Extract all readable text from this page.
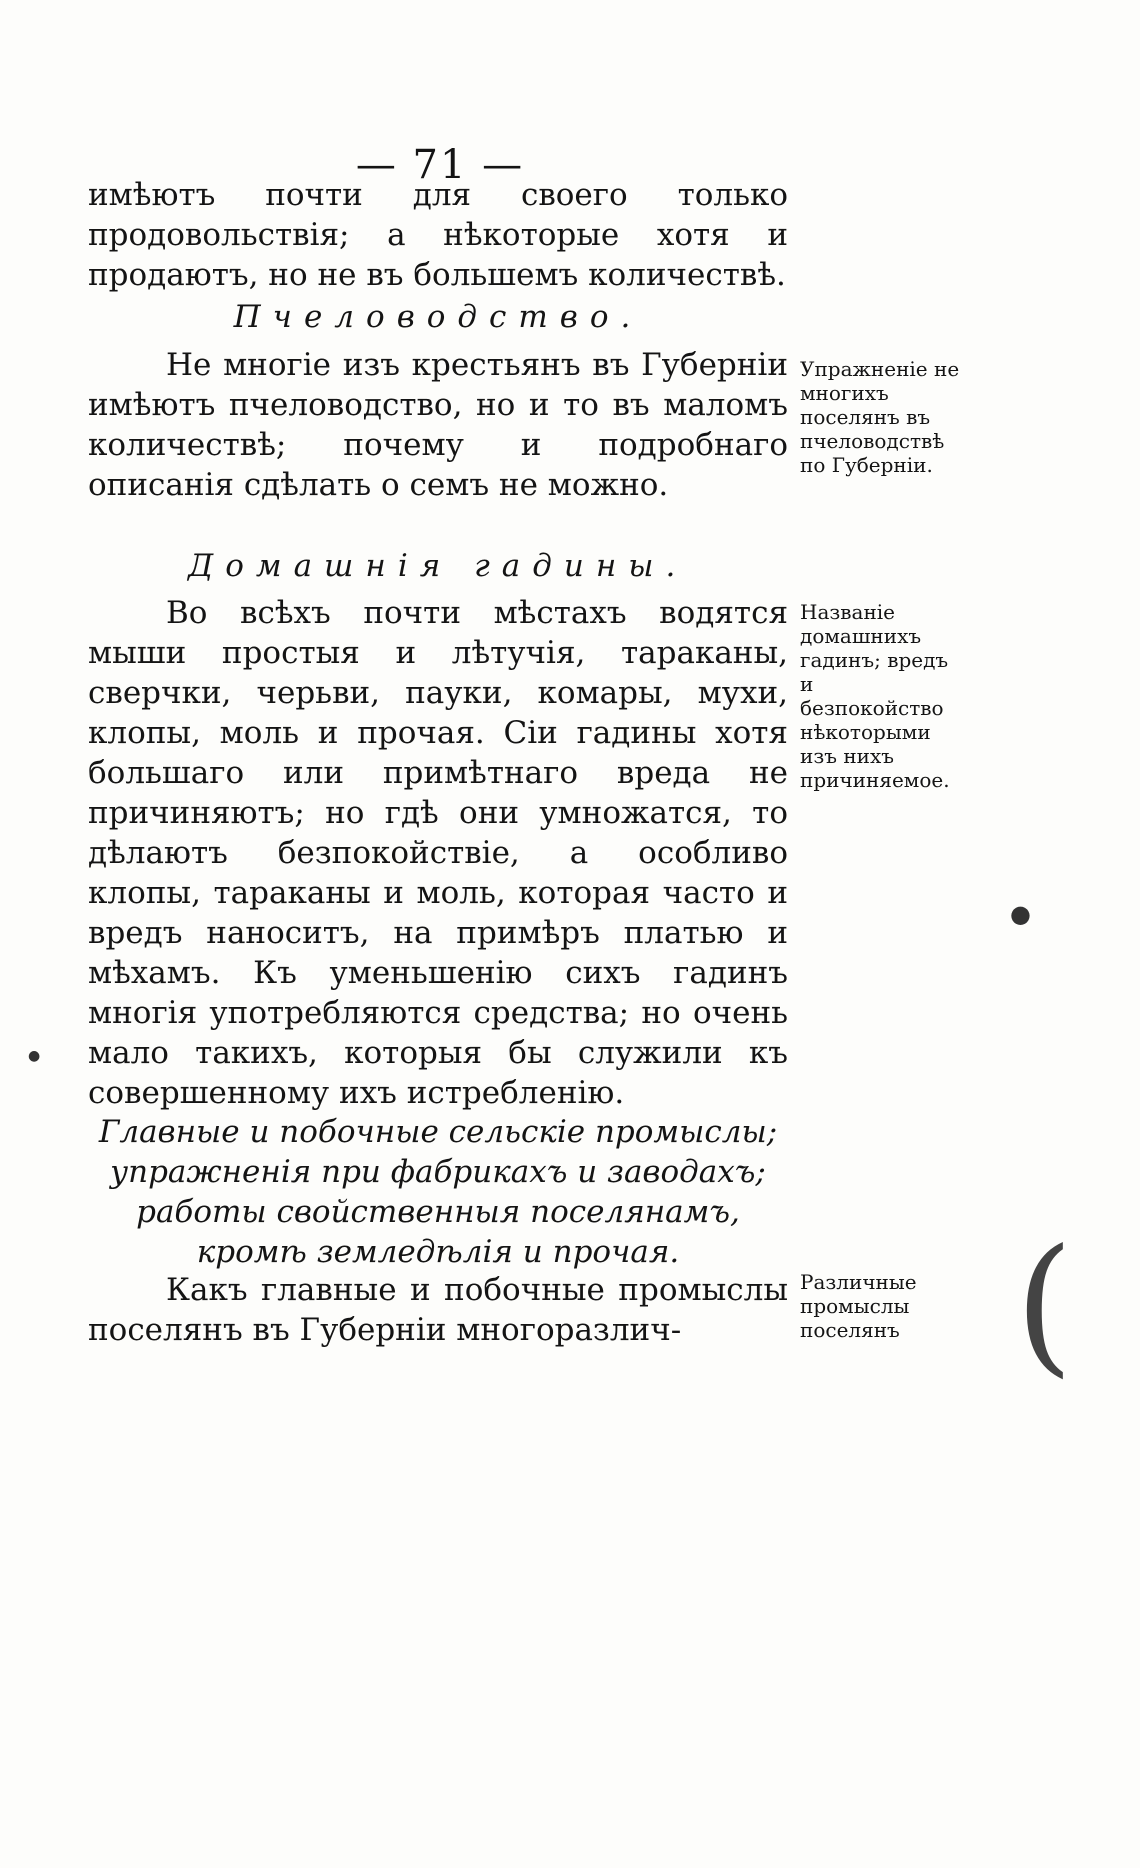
— 71 —

имѣютъ почти для своего только продовольствія; а нѣкоторые хотя и продаютъ, но не въ большемъ количествѣ.

Пчеловодство.

Не многіе изъ крестьянъ въ Губерніи имѣютъ пчеловодство, но и то въ маломъ количествѣ; почему и подробнаго описанія сдѣлать о семъ не можно.

Упражненіе не многихъ поселянъ въ пчеловодствѣ по Губерніи.
Домашнія гадины.

Во всѣхъ почти мѣстахъ водятся мыши простыя и лѣтучія, тараканы, сверчки, черьви, пауки, комары, мухи, клопы, моль и прочая. Сіи гадины хотя большаго или примѣтнаго вреда не причиняютъ; но гдѣ они умножатся, то дѣлаютъ безпокойствіе, а особливо клопы, тараканы и моль, которая часто и вредъ наноситъ, на примѣръ платью и мѣхамъ. Къ уменьшенію сихъ гадинъ многія употребляются средства; но очень мало такихъ, которыя бы служили къ совершенному ихъ истребленію.

Названіе домашнихъ гадинъ; вредъ и безпокойство нѣкоторыми изъ нихъ причиняемое.
Главные и побочные сельскіе промыслы; упражненія при фабрикахъ и заводахъ; работы свойственныя поселянамъ, кромѣ земледѣлія и прочая.

Какъ главные и побочные промыслы поселянъ въ Губерніи многоразлич-

Различные промыслы поселянъ
●
●
(
